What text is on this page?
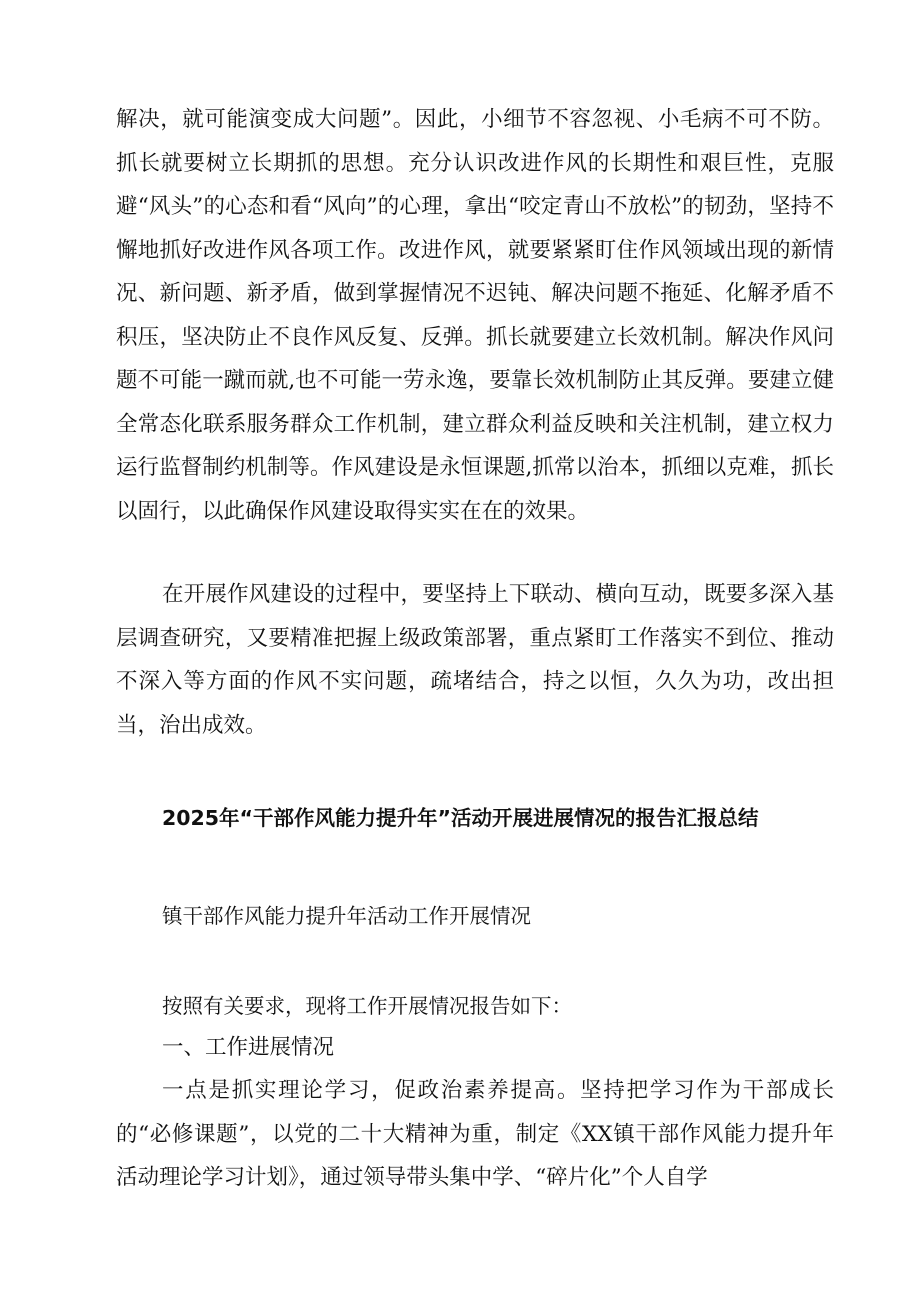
解决，就可能演变成大问题”。因此，小细节不容忽视、小毛病不可不防。抓长就要树立长期抓的思想。充分认识改进作风的长期性和艰巨性，克服避“风头”的心态和看“风向”的心理，拿出“咬定青山不放松”的韧劲，坚持不懈地抓好改进作风各项工作。改进作风，就要紧紧盯住作风领域出现的新情况、新问题、新矛盾，做到掌握情况不迟钝、解决问题不拖延、化解矛盾不积压，坚决防止不良作风反复、反弹。抓长就要建立长效机制。解决作风问题不可能一蹴而就,也不可能一劳永逸，要靠长效机制防止其反弹。要建立健全常态化联系服务群众工作机制，建立群众利益反映和关注机制，建立权力运行监督制约机制等。作风建设是永恒课题,抓常以治本，抓细以克难，抓长以固行，以此确保作风建设取得实实在在的效果。

在开展作风建设的过程中，要坚持上下联动、横向互动，既要多深入基层调查研究，又要精准把握上级政策部署，重点紧盯工作落实不到位、推动不深入等方面的作风不实问题，疏堵结合，持之以恒，久久为功，改出担当，治出成效。

2025年“干部作风能力提升年”活动开展进展情况的报告汇报总结

镇干部作风能力提升年活动工作开展情况

按照有关要求，现将工作开展情况报告如下：

一、工作进展情况

一点是抓实理论学习，促政治素养提高。坚持把学习作为干部成长的“必修课题”，以党的二十大精神为重，制定《XX镇干部作风能力提升年活动理论学习计划》，通过领导带头集中学、“碎片化”个人自学
